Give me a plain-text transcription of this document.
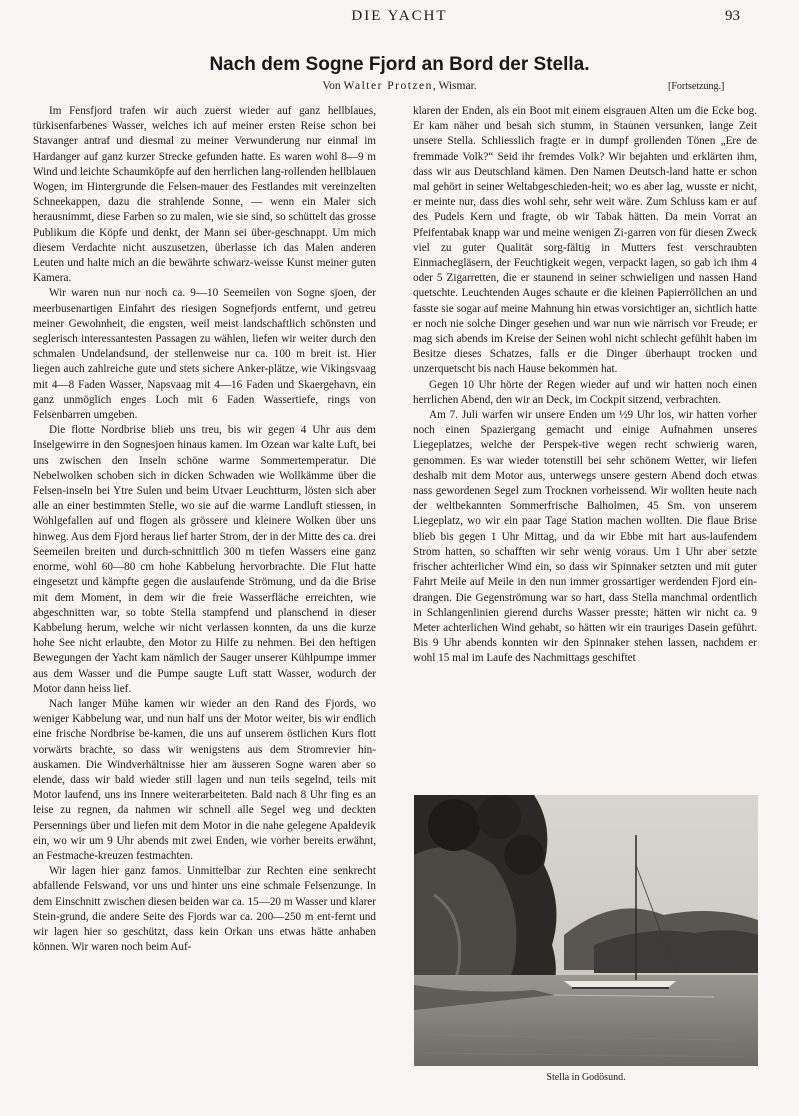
DIE YACHT	93
Nach dem Sogne Fjord an Bord der Stella.
Von Walter Protzen, Wismar.	[Fortsetzung.]

Im Fensfjord trafen wir auch zuerst wieder auf ganz hellblaues, türkisenfarbenes Wasser, welches ich auf meiner ersten Reise schon bei Stavanger antraf und diesmal zu meiner Verwunderung nur einmal im Hardanger auf ganz kurzer Strecke gefunden hatte. Es waren wohl 8—9 m Wind und leichte Schaumköpfe auf den herrlichen lang-rollenden hellblauen Wogen, im Hintergrunde die Felsen-mauer des Festlandes mit vereinzelten Schneekappen, dazu die strahlende Sonne, — wenn ein Maler sich herausnimmt, diese Farben so zu malen, wie sie sind, so schüttelt das grosse Publikum die Köpfe und denkt, der Mann sei über-geschnappt. Um mich diesem Verdachte nicht auszusetzen, überlasse ich das Malen anderen Leuten und halte mich an die bewährte schwarz-weisse Kunst meiner guten Kamera.

Wir waren nun nur noch ca. 9—10 Seemeilen von Sogne sjoen, der meerbusenartigen Einfahrt des riesigen Sognefjords entfernt, und getreu meiner Gewohnheit, die engsten, weil meist landschaftlich schönsten und seglerisch interessantesten Passagen zu wählen, liefen wir weiter durch den schmalen Undelandsund, der stellenweise nur ca. 100 m breit ist. Hier liegen auch zahlreiche gute und stets sichere Anker-plätze, wie Vikingsvaag mit 4—8 Faden Wasser, Napsvaag mit 4—16 Faden und Skaergehavn, ein ganz unmöglich enges Loch mit 6 Faden Wassertiefe, rings von Felsenbarren umgeben.

Die flotte Nordbrise blieb uns treu, bis wir gegen 4 Uhr aus dem Inselgewirre in den Sognesjoen hinaus kamen. Im Ozean war kalte Luft, bei uns zwischen den Inseln schöne warme Sommertemperatur. Die Nebelwolken schoben sich in dicken Schwaden wie Wollkämme über die Felsen-inseln bei Ytre Sulen und beim Utvaer Leuchtturm, lösten sich aber alle an einer bestimmten Stelle, wo sie auf die warme Landluft stiessen, in Wohlgefallen auf und flogen als grössere und kleinere Wolken über uns hinweg. Aus dem Fjord heraus lief harter Strom, der in der Mitte des ca. drei Seemeilen breiten und durch-schnittlich 300 m tiefen Wassers eine ganz enorme, wohl 60—80 cm hohe Kabbelung hervorbrachte. Die Flut hatte eingesetzt und kämpfte gegen die auslaufende Strömung, und da die Brise mit dem Moment, in dem wir die freie Wasserfläche erreichten, wie abgeschnitten war, so tobte Stella stampfend und planschend in dieser Kabbelung herum, welche wir nicht verlassen konnten, da uns die kurze hohe See nicht erlaubte, den Motor zu Hilfe zu nehmen. Bei den heftigen Bewegungen der Yacht kam nämlich der Sauger unserer Kühlpumpe immer aus dem Wasser und die Pumpe saugte Luft statt Wasser, wodurch der Motor dann heiss lief.

Nach langer Mühe kamen wir wieder an den Rand des Fjords, wo weniger Kabbelung war, und nun half uns der Motor weiter, bis wir endlich eine frische Nordbrise be-kamen, die uns auf unserem östlichen Kurs flott vorwärts brachte, so dass wir wenigstens aus dem Stromrevier hin-auskamen. Die Windverhältnisse hier am äusseren Sogne waren aber so elende, dass wir bald wieder still lagen und nun teils segelnd, teils mit Motor laufend, uns ins Innere weiterarbeiteten. Bald nach 8 Uhr fing es an leise zu regnen, da nahmen wir schnell alle Segel weg und deckten Persennings über und liefen mit dem Motor in die nahe gelegene Apaldevik ein, wo wir um 9 Uhr abends mit zwei Enden, wie vorher bereits erwähnt, an Festmache-kreuzen festmachten.

Wir lagen hier ganz famos. Unmittelbar zur Rechten eine senkrecht abfallende Felswand, vor uns und hinter uns eine schmale Felsenzunge. In dem Einschnitt zwischen diesen beiden war ca. 15—20 m Wasser und klarer Stein-grund, die andere Seite des Fjords war ca. 200—250 m ent-fernt und wir lagen hier so geschützt, dass kein Orkan uns etwas hätte anhaben können. Wir waren noch beim Auf-

klaren der Enden, als ein Boot mit einem eisgrauen Alten um die Ecke bog. Er kam näher und besah sich stumm, in Staunen versunken, lange Zeit unsere Stella. Schliesslich fragte er in dumpf grollenden Tönen „Ere de fremmade Volk?“ Seid ihr fremdes Volk? Wir bejahten und erklärten ihm, dass wir aus Deutschland kämen. Den Namen Deutsch-land hatte er schon mal gehört in seiner Weltabgeschieden-heit; wo es aber lag, wusste er nicht, er meinte nur, dass dies wohl sehr, sehr weit wäre. Zum Schluss kam er auf des Pudels Kern und fragte, ob wir Tabak hätten. Da mein Vorrat an Pfeifentabak knapp war und meine wenigen Zi-garren von für diesen Zweck viel zu guter Qualität sorg-fältig in Mutters fest verschraubten Einmachegläsern, der Feuchtigkeit wegen, verpackt lagen, so gab ich ihm 4 oder 5 Zigarretten, die er staunend in seiner schwieligen und nassen Hand quetschte. Leuchtenden Auges schaute er die kleinen Papierröllchen an und fasste sie sogar auf meine Mahnung hin etwas vorsichtiger an, sichtlich hatte er noch nie solche Dinger gesehen und war nun wie närrisch vor Freude; er mag sich abends im Kreise der Seinen wohl nicht schlecht gefühlt haben im Besitze dieses Schatzes, falls er die Dinger überhaupt trocken und unzerquetscht bis nach Hause bekommen hat.

Gegen 10 Uhr hörte der Regen wieder auf und wir hatten noch einen herrlichen Abend, den wir an Deck, im Cockpit sitzend, verbrachten.

Am 7. Juli warfen wir unsere Enden um ½9 Uhr los, wir hatten vorher noch einen Spaziergang gemacht und einige Aufnahmen unseres Liegeplatzes, welche der Perspek-tive wegen recht schwierig waren, genommen. Es war wieder totenstill bei sehr schönem Wetter, wir liefen deshalb mit dem Motor aus, unterwegs unsere gestern Abend doch etwas nass gewordenen Segel zum Trocknen vorheissend. Wir wollten heute nach der weltbekannten Sommerfrische Balholmen, 45 Sm. von unserem Liegeplatz, wo wir ein paar Tage Station machen wollten. Die flaue Brise blieb bis gegen 1 Uhr Mittag, und da wir Ebbe mit hart aus-laufendem Strom hatten, so schafften wir sehr wenig voraus. Um 1 Uhr aber setzte frischer achterlicher Wind ein, so dass wir Spinnaker setzten und mit guter Fahrt Meile auf Meile in den nun immer grossartiger werdenden Fjord ein-drangen. Die Gegenströmung war so hart, dass Stella manchmal ordentlich in Schlangenlinien gierend durchs Wasser presste; hätten wir nicht ca. 9 Meter achterlichen Wind gehabt, so hätten wir ein trauriges Dasein geführt. Bis 9 Uhr abends konnten wir den Spinnaker stehen lassen, nachdem er wohl 15 mal im Laufe des Nachmittags geschiftet

Stella in Godösund.
